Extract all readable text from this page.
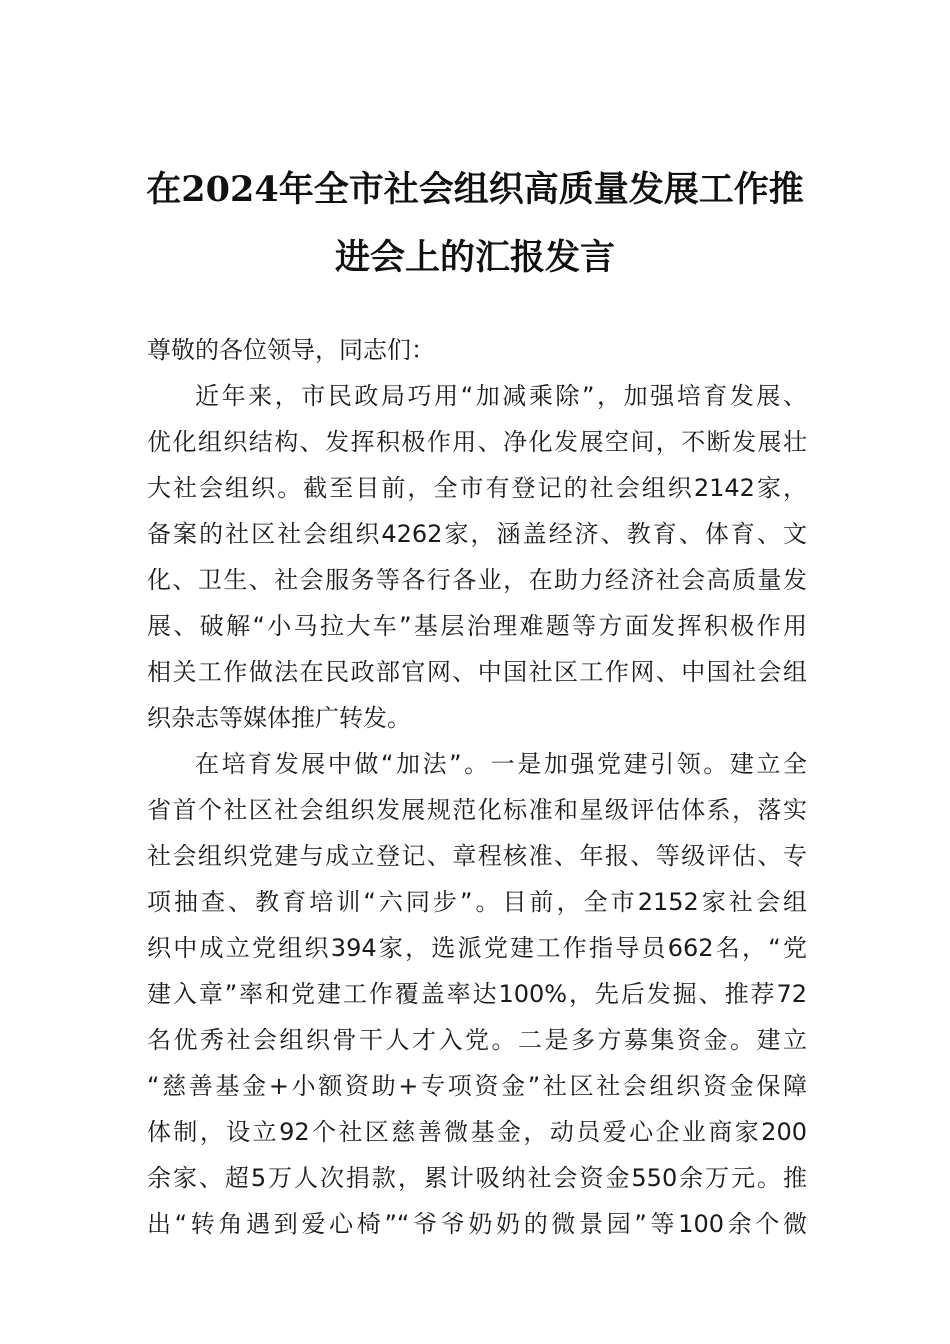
在2024年全市社会组织高质量发展工作推
进会上的汇报发言

尊敬的各位领导，同志们：

近年来，市民政局巧用“加减乘除”，加强培育发展、

优化组织结构、发挥积极作用、净化发展空间，不断发展壮

大社会组织。截至目前，全市有登记的社会组织2142家，

备案的社区社会组织4262家，涵盖经济、教育、体育、文

化、卫生、社会服务等各行各业，在助力经济社会高质量发

展、破解“小马拉大车”基层治理难题等方面发挥积极作用

相关工作做法在民政部官网、中国社区工作网、中国社会组

织杂志等媒体推广转发。

在培育发展中做“加法”。一是加强党建引领。建立全

省首个社区社会组织发展规范化标准和星级评估体系，落实

社会组织党建与成立登记、章程核准、年报、等级评估、专

项抽查、教育培训“六同步”。目前，全市2152家社会组

织中成立党组织394家，选派党建工作指导员662名，“党

建入章”率和党建工作覆盖率达100%，先后发掘、推荐72

名优秀社会组织骨干人才入党。二是多方募集资金。建立

“慈善基金+小额资助+专项资金”社区社会组织资金保障

体制，设立92个社区慈善微基金，动员爱心企业商家200

余家、超5万人次捐款，累计吸纳社会资金550余万元。推

出“转角遇到爱心椅”“爷爷奶奶的微景园”等100余个微
